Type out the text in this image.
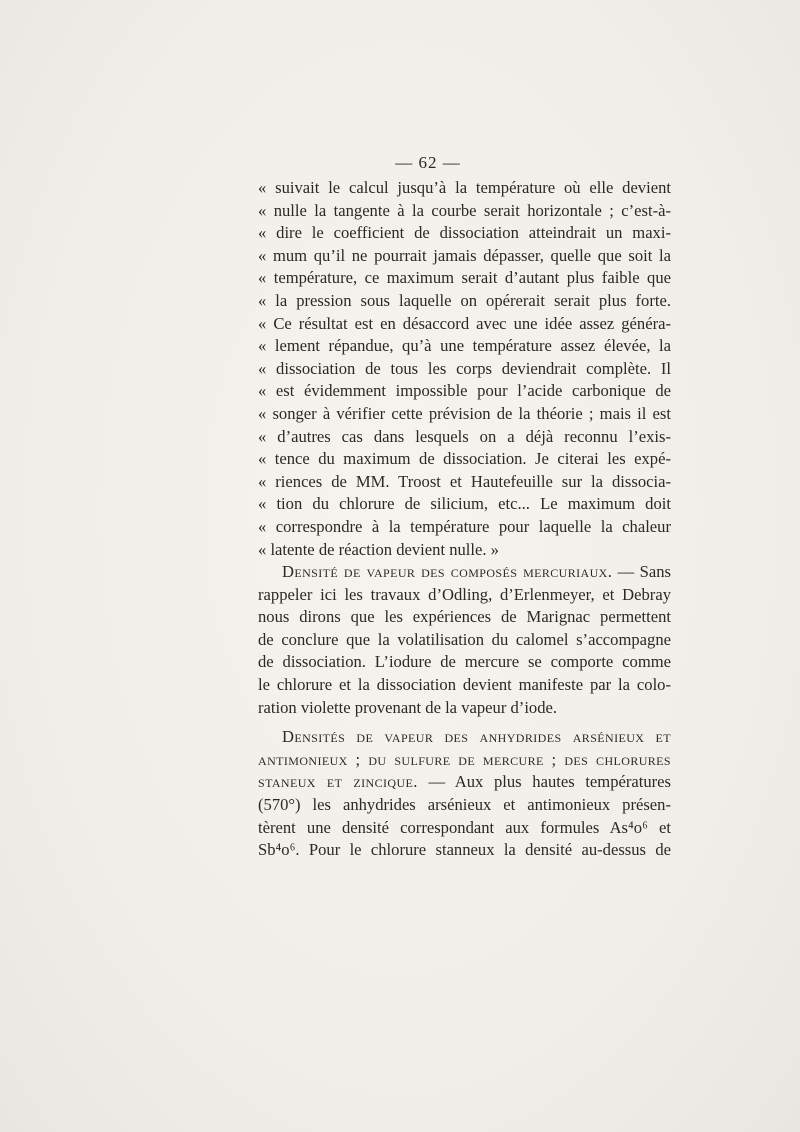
— 62 —
« suivait le calcul jusqu’à la température où elle devient
« nulle la tangente à la courbe serait horizontale ; c’est-à-
« dire le coefficient de dissociation atteindrait un maxi-
« mum qu’il ne pourrait jamais dépasser, quelle que soit la
« température, ce maximum serait d’autant plus faible que
« la pression sous laquelle on opérerait serait plus forte.
« Ce résultat est en désaccord avec une idée assez généra-
« lement répandue, qu’à une température assez élevée, la
« dissociation de tous les corps deviendrait complète. Il
« est évidemment impossible pour l’acide carbonique de
« songer à vérifier cette prévision de la théorie ; mais il est
« d’autres cas dans lesquels on a déjà reconnu l’exis-
« tence du maximum de dissociation. Je citerai les expé-
« riences de MM. Troost et Hautefeuille sur la dissocia-
« tion du chlorure de silicium, etc... Le maximum doit
« correspondre à la température pour laquelle la chaleur
« latente de réaction devient nulle. »
Densité de vapeur des composés mercuriaux. — Sans
rappeler ici les travaux d’Odling, d’Erlenmeyer, et Debray
nous dirons que les expériences de Marignac permettent
de conclure que la volatilisation du calomel s’accompagne
de dissociation. L’iodure de mercure se comporte comme
le chlorure et la dissociation devient manifeste par la colo-
ration violette provenant de la vapeur d’iode.
Densités de vapeur des anhydrides arsénieux et
antimonieux ; du sulfure de mercure ; des chlorures
staneux et zincique. — Aux plus hautes températures
(570°) les anhydrides arsénieux et antimonieux présen-
tèrent une densité correspondant aux formules As⁴o⁶ et
Sb⁴o⁶. Pour le chlorure stanneux la densité au-dessus de
